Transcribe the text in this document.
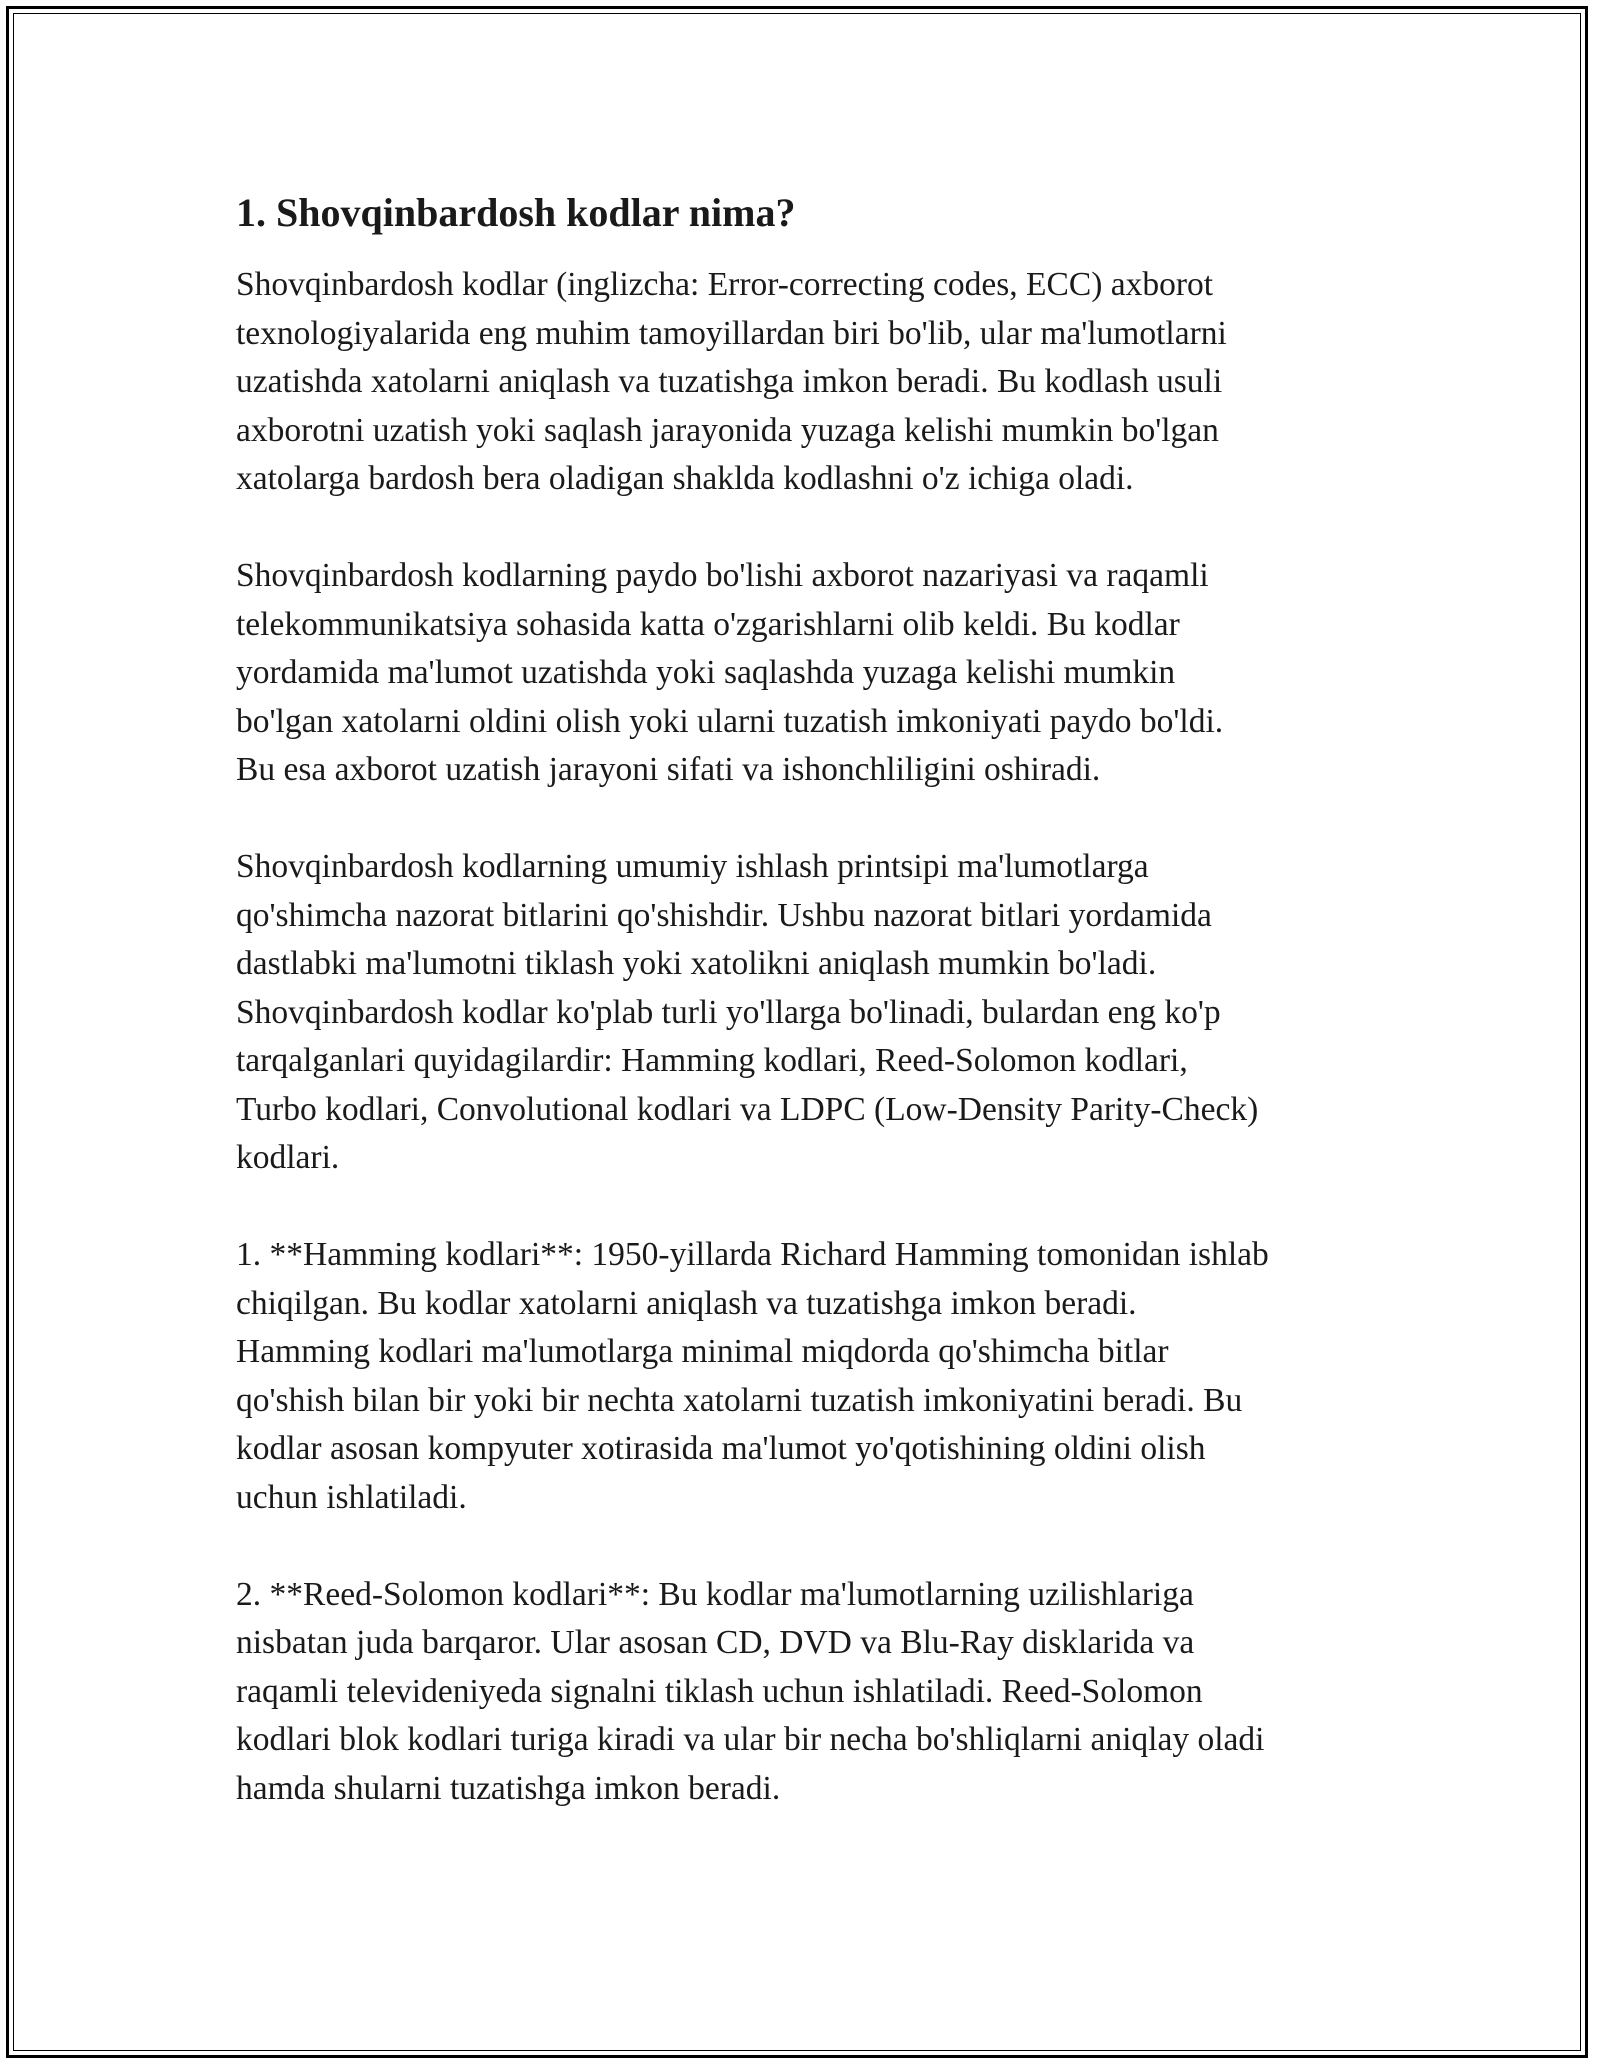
1. Shovqinbardosh kodlar nima?

Shovqinbardosh kodlar (inglizcha: Error-correcting codes, ECC) axborot
texnologiyalarida eng muhim tamoyillardan biri bo'lib, ular ma'lumotlarni
uzatishda xatolarni aniqlash va tuzatishga imkon beradi. Bu kodlash usuli
axborotni uzatish yoki saqlash jarayonida yuzaga kelishi mumkin bo'lgan
xatolarga bardosh bera oladigan shaklda kodlashni o'z ichiga oladi.

Shovqinbardosh kodlarning paydo bo'lishi axborot nazariyasi va raqamli
telekommunikatsiya sohasida katta o'zgarishlarni olib keldi. Bu kodlar
yordamida ma'lumot uzatishda yoki saqlashda yuzaga kelishi mumkin
bo'lgan xatolarni oldini olish yoki ularni tuzatish imkoniyati paydo bo'ldi.
Bu esa axborot uzatish jarayoni sifati va ishonchliligini oshiradi.

Shovqinbardosh kodlarning umumiy ishlash printsipi ma'lumotlarga
qo'shimcha nazorat bitlarini qo'shishdir. Ushbu nazorat bitlari yordamida
dastlabki ma'lumotni tiklash yoki xatolikni aniqlash mumkin bo'ladi.
Shovqinbardosh kodlar ko'plab turli yo'llarga bo'linadi, bulardan eng ko'p
tarqalganlari quyidagilardir: Hamming kodlari, Reed-Solomon kodlari,
Turbo kodlari, Convolutional kodlari va LDPC (Low-Density Parity-Check)
kodlari.

1. **Hamming kodlari**: 1950-yillarda Richard Hamming tomonidan ishlab
chiqilgan. Bu kodlar xatolarni aniqlash va tuzatishga imkon beradi.
Hamming kodlari ma'lumotlarga minimal miqdorda qo'shimcha bitlar
qo'shish bilan bir yoki bir nechta xatolarni tuzatish imkoniyatini beradi. Bu
kodlar asosan kompyuter xotirasida ma'lumot yo'qotishining oldini olish
uchun ishlatiladi.

2. **Reed-Solomon kodlari**: Bu kodlar ma'lumotlarning uzilishlariga
nisbatan juda barqaror. Ular asosan CD, DVD va Blu-Ray disklarida va
raqamli televideniyeda signalni tiklash uchun ishlatiladi. Reed-Solomon
kodlari blok kodlari turiga kiradi va ular bir necha bo'shliqlarni aniqlay oladi
hamda shularni tuzatishga imkon beradi.
